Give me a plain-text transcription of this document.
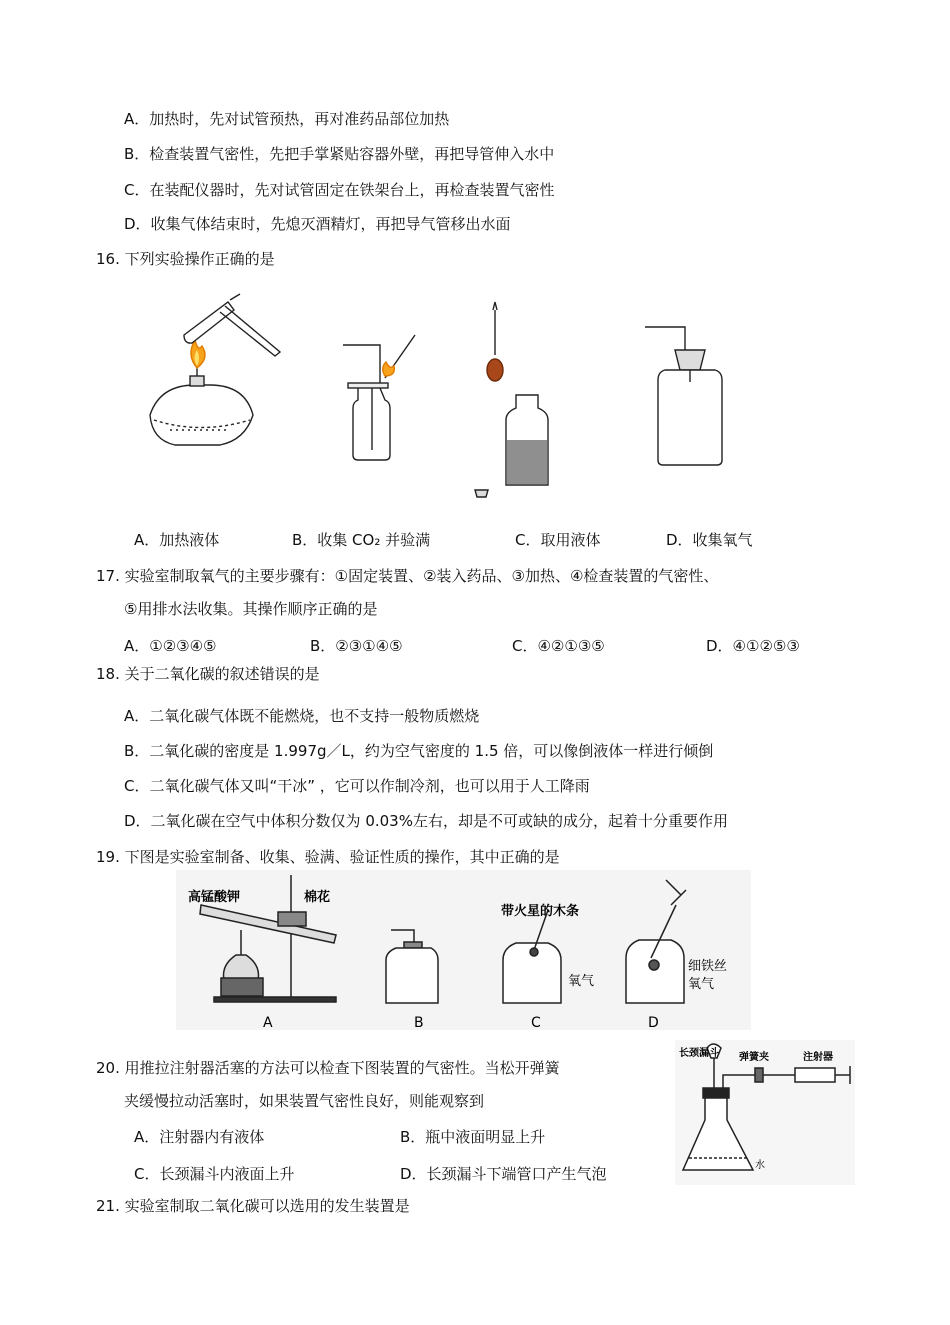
A．加热时，先对试管预热，再对准药品部位加热
B．检查装置气密性，先把手掌紧贴容器外壁，再把导管伸入水中
C．在装配仪器时，先对试管固定在铁架台上，再检查装置气密性
D．收集气体结束时，先熄灭酒精灯，再把导气管移出水面
16. 下列实验操作正确的是
A．加热液体	B．收集 CO₂ 并验满	C．取用液体	D．收集氧气
17. 实验室制取氧气的主要步骤有：①固定装置、②装入药品、③加热、④检查装置的气密性、
⑤用排水法收集。其操作顺序正确的是
A．①②③④⑤	B．②③①④⑤	C．④②①③⑤	D．④①②⑤③
18. 关于二氧化碳的叙述错误的是
A．二氧化碳气体既不能燃烧，也不支持一般物质燃烧
B．二氧化碳的密度是 1.997g／L，约为空气密度的 1.5 倍，可以像倒液体一样进行倾倒
C．二氧化碳气体又叫“干冰” ，它可以作制冷剂，也可以用于人工降雨
D．二氧化碳在空气中体积分数仅为 0.03%左右，却是不可或缺的成分，起着十分重要作用
19. 下图是实验室制备、收集、验满、验证性质的操作，其中正确的是
高锰酸钾	棉花
A	B
带火星的木条
氧气
C
细铁丝
氧气
D
20. 用推拉注射器活塞的方法可以检查下图装置的气密性。当松开弹簧
夹缓慢拉动活塞时，如果装置气密性良好，则能观察到
A．注射器内有液体	B．瓶中液面明显上升
C．长颈漏斗内液面上升	D．长颈漏斗下端管口产生气泡
长颈漏斗 弹簧夹	注射器
水
21. 实验室制取二氧化碳可以选用的发生装置是
